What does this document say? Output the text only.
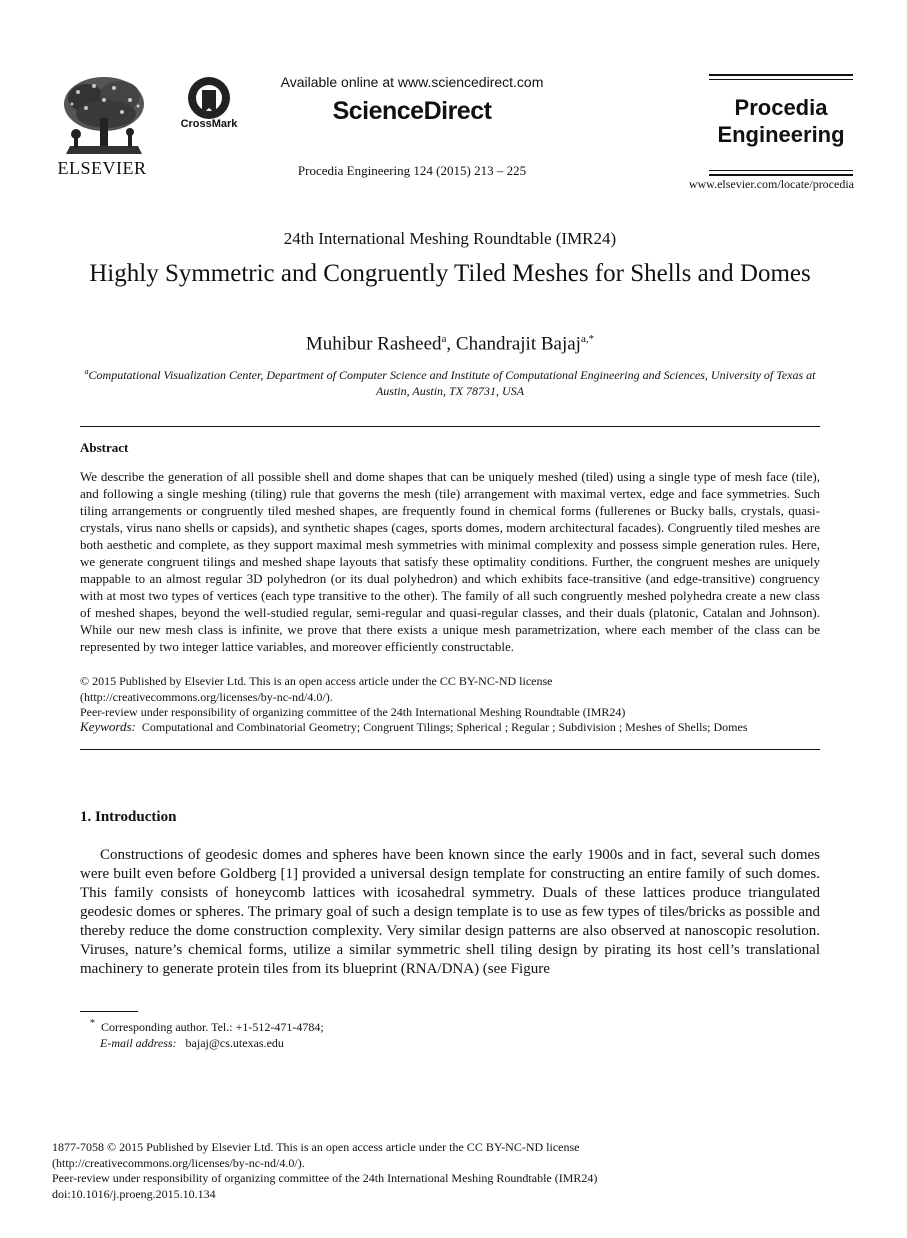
ELSEVIER
CrossMark
Available online at www.sciencedirect.com
ScienceDirect
Procedia Engineering 124 (2015) 213 – 225
Procedia
Engineering
www.elsevier.com/locate/procedia
24th International Meshing Roundtable (IMR24)
Highly Symmetric and Congruently Tiled Meshes for Shells and Domes
Muhibur Rasheed$^a$, Chandrajit Bajaj$^{a,*}$
$^a$Computational Visualization Center, Department of Computer Science and Institute of Computational Engineering and Sciences, University of Texas at Austin, Austin, TX 78731, USA
Abstract

We describe the generation of all possible shell and dome shapes that can be uniquely meshed (tiled) using a single type of mesh face (tile), and following a single meshing (tiling) rule that governs the mesh (tile) arrangement with maximal vertex, edge and face symmetries. Such tiling arrangements or congruently tiled meshed shapes, are frequently found in chemical forms (fullerenes or Bucky balls, crystals, quasi-crystals, virus nano shells or capsids), and synthetic shapes (cages, sports domes, modern architectural facades). Congruently tiled meshes are both aesthetic and complete, as they support maximal mesh symmetries with minimal complexity and possess simple generation rules. Here, we generate congruent tilings and meshed shape layouts that satisfy these optimality conditions. Further, the congruent meshes are uniquely mappable to an almost regular 3D polyhedron (or its dual polyhedron) and which exhibits face-transitive (and edge-transitive) congruency with at most two types of vertices (each type transitive to the other). The family of all such congruently meshed polyhedra create a new class of meshed shapes, beyond the well-studied regular, semi-regular and quasi-regular classes, and their duals (platonic, Catalan and Johnson). While our new mesh class is infinite, we prove that there exists a unique mesh parametrization, where each member of the class can be represented by two integer lattice variables, and moreover efficiently constructable.

© 2015 Published by Elsevier Ltd. This is an open access article under the CC BY-NC-ND license
(http://creativecommons.org/licenses/by-nc-nd/4.0/).
Peer-review under responsibility of organizing committee of the 24th International Meshing Roundtable (IMR24)
Keywords: Computational and Combinatorial Geometry; Congruent Tilings; Spherical ; Regular ; Subdivision ; Meshes of Shells; Domes
1. Introduction

Constructions of geodesic domes and spheres have been known since the early 1900s and in fact, several such domes were built even before Goldberg [1] provided a universal design template for constructing an entire family of such domes. This family consists of honeycomb lattices with icosahedral symmetry. Duals of these lattices produce triangulated geodesic domes or spheres. The primary goal of such a design template is to use as few types of tiles/bricks as possible and thereby reduce the dome construction complexity. Very similar design patterns are also observed at nanoscopic resolution. Viruses, nature’s chemical forms, utilize a similar symmetric shell tiling design by pirating its host cell’s translational machinery to generate protein tiles from its blueprint (RNA/DNA) (see Figure

* Corresponding author. Tel.: +1-512-471-4784;
E-mail address: bajaj@cs.utexas.edu
1877-7058 © 2015 Published by Elsevier Ltd. This is an open access article under the CC BY-NC-ND license
(http://creativecommons.org/licenses/by-nc-nd/4.0/).
Peer-review under responsibility of organizing committee of the 24th International Meshing Roundtable (IMR24)
doi:10.1016/j.proeng.2015.10.134
